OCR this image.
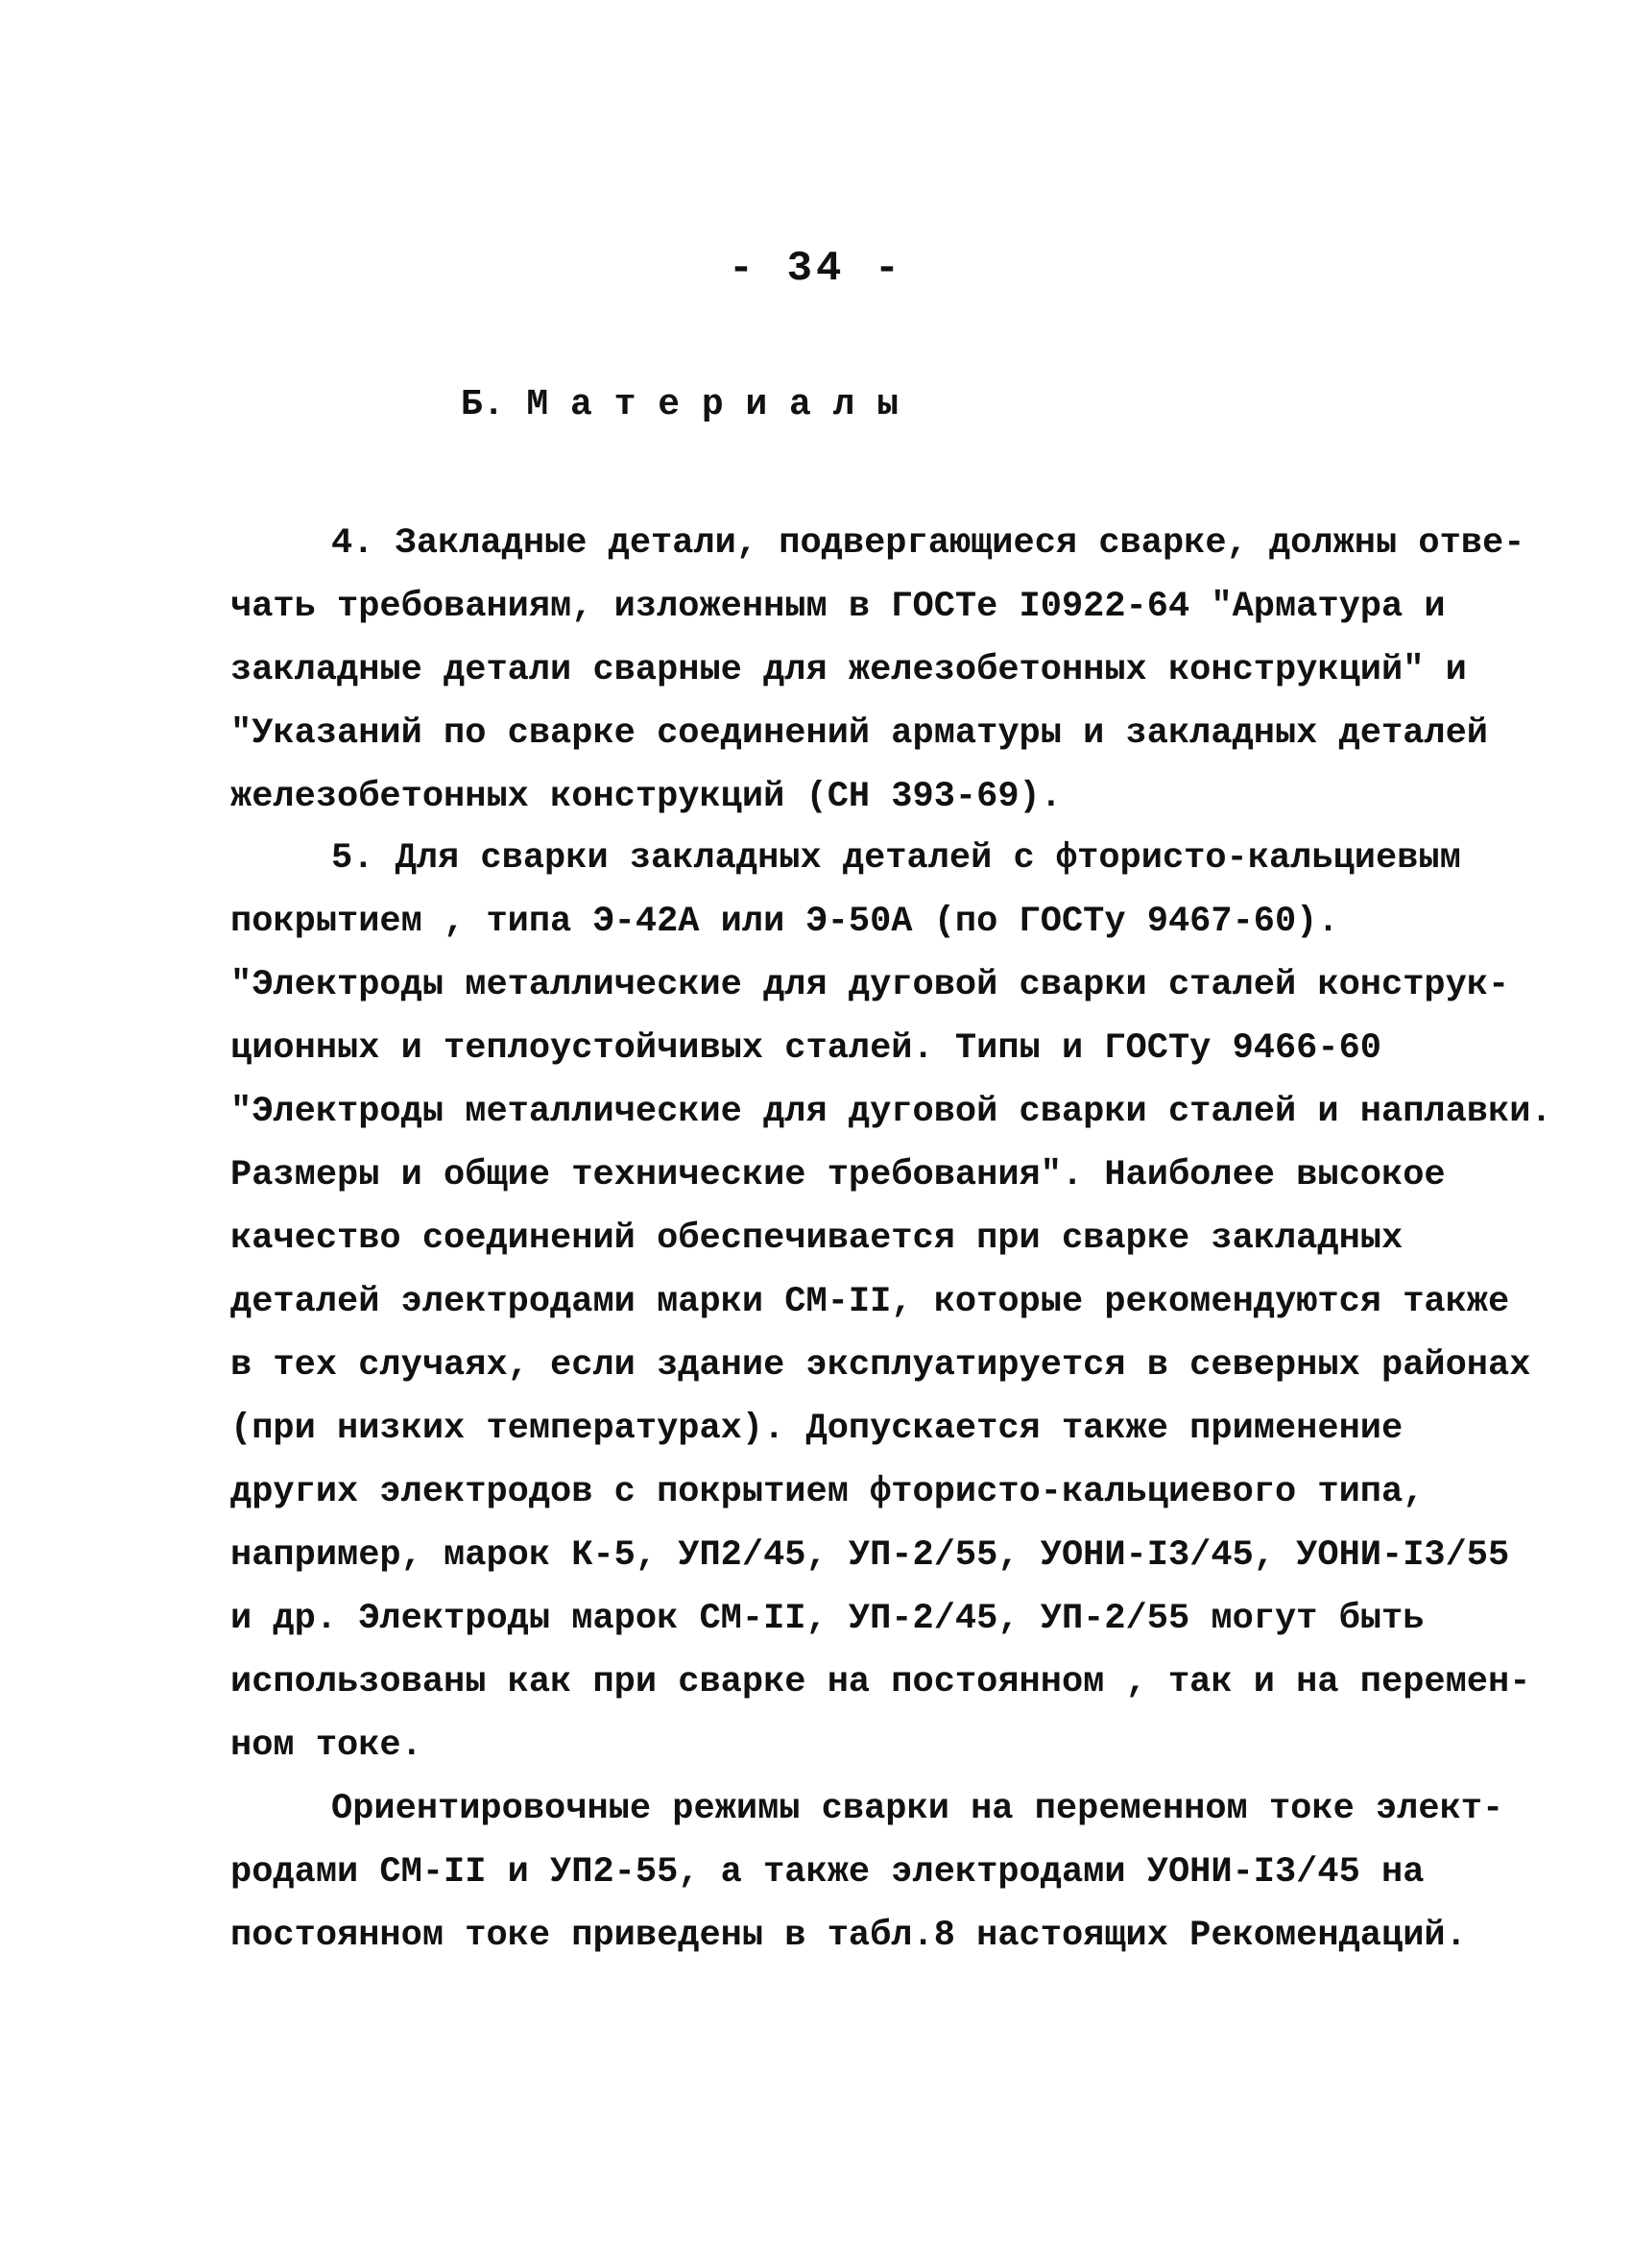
- 34 -
Б. М а т е р и а л ы
4. Закладные детали, подвергающиеся сварке, должны отве-
чать требованиям, изложенным в ГОСТе I0922-64 "Арматура и
закладные детали сварные для железобетонных конструкций" и
"Указаний по сварке соединений арматуры и закладных деталей
железобетонных конструкций (СН 393-69).
5. Для сварки закладных деталей с фтористо-кальциевым
покрытием , типа Э-42А или Э-50А (по ГОСТу 9467-60).
"Электроды металлические для дуговой сварки сталей конструк-
ционных и теплоустойчивых сталей. Типы и ГОСТу 9466-60
"Электроды металлические для дуговой сварки сталей и наплавки.
Размеры и общие технические требования". Наиболее высокое
качество соединений обеспечивается при сварке закладных
деталей электродами марки СМ-II, которые рекомендуются также
в тех случаях, если здание эксплуатируется в северных районах
(при низких температурах). Допускается также применение
других электродов с покрытием фтористо-кальциевого типа,
например, марок К-5, УП2/45, УП-2/55, УОНИ-I3/45, УОНИ-I3/55
и др. Электроды марок СМ-II, УП-2/45, УП-2/55 могут быть
использованы как при сварке на постоянном , так и на перемен-
ном токе.
Ориентировочные режимы сварки на переменном токе элект-
родами СМ-II и УП2-55, а также электродами УОНИ-I3/45 на
постоянном токе приведены в табл.8 настоящих Рекомендаций.
